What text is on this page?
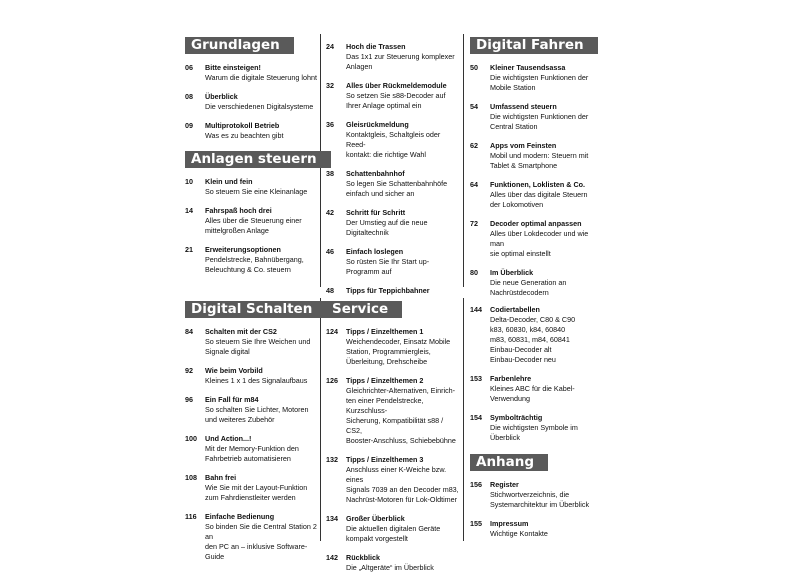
Grundlagen
06	Bitte einsteigen!
Warum die digitale Steuerung lohnt
08	Überblick
Die verschiedenen Digitalsysteme
09	Multiprotokoll Betrieb
Was es zu beachten gibt
Anlagen steuern
10	Klein und fein
So steuern Sie eine Kleinanlage
14	Fahrspaß hoch drei
Alles über die Steuerung einer
mittelgroßen Anlage
21	Erweiterungsoptionen
Pendelstrecke, Bahnübergang,
Beleuchtung & Co. steuern
24	Hoch die Trassen
Das 1x1 zur Steuerung komplexer
Anlagen
32	Alles über Rückmeldemodule
So setzen Sie s88-Decoder auf
Ihrer Anlage optimal ein
36	Gleisrückmeldung
Kontaktgleis, Schaltgleis oder Reed-
kontakt: die richtige Wahl
38	Schattenbahnhof
So legen Sie Schattenbahnhöfe
einfach und sicher an
42	Schritt für Schritt
Der Umstieg auf die neue Digitaltechnik
46	Einfach loslegen
So rüsten Sie Ihr Start up-
Programm auf
48	Tipps für Teppichbahner
Digital Fahren
50	Kleiner Tausendsassa
Die wichtigsten Funktionen der
Mobile Station
54	Umfassend steuern
Die wichtigsten Funktionen der
Central Station
62	Apps vom Feinsten
Mobil und modern: Steuern mit
Tablet & Smartphone
64	Funktionen, Loklisten & Co.
Alles über das digitale Steuern
der Lokomotiven
72	Decoder optimal anpassen
Alles über Lokdecoder und wie man
sie optimal einstellt
80	Im Überblick
Die neue Generation an
Nachrüstdecodern
Digital Schalten
84	Schalten mit der CS2
So steuern Sie Ihre Weichen und
Signale digital
92	Wie beim Vorbild
Kleines 1 x 1 des Signalaufbaus
96	Ein Fall für m84
So schalten Sie Lichter, Motoren
und weiteres Zubehör
100	Und Action...!
Mit der Memory-Funktion den
Fahrbetrieb automatisieren
108	Bahn frei
Wie Sie mit der Layout-Funktion
zum Fahrdienstleiter werden
116	Einfache Bedienung
So binden Sie die Central Station 2 an
den PC an – inklusive Software-Guide
Service
124	Tipps / Einzelthemen 1
Weichendecoder, Einsatz Mobile
Station, Programmiergleis,
Überleitung, Drehscheibe
126	Tipps / Einzelthemen 2
Gleichrichter-Alternativen, Einrich-
ten einer Pendelstrecke, Kurzschluss-
Sicherung, Kompatibilität s88 / CS2,
Booster-Anschluss, Schiebebühne
132	Tipps / Einzelthemen 3
Anschluss einer K-Weiche bzw. eines
Signals 7039 an den Decoder m83,
Nachrüst-Motoren für Lok-Oldtimer
134	Großer Überblick
Die aktuellen digitalen Geräte
kompakt vorgestellt
142	Rückblick
Die „Altgeräte“ im Überblick
144	Codiertabellen
Delta-Decoder, C80 & C90
k83, 60830, k84, 60840
m83, 60831, m84, 60841
Einbau-Decoder alt
Einbau-Decoder neu
153	Farbenlehre
Kleines ABC für die Kabel-
Verwendung
154	Symbolträchtig
Die wichtigsten Symbole im
Überblick
Anhang
156	Register
Stichwortverzeichnis, die
Systemarchitektur im Überblick
155	Impressum
Wichtige Kontakte
